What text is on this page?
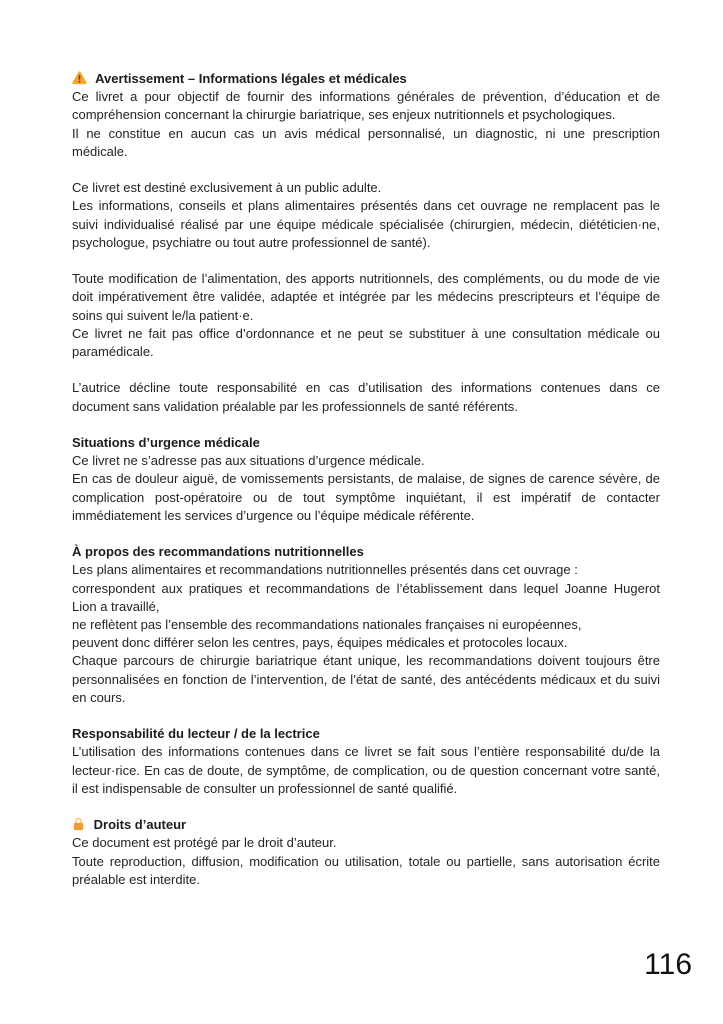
Avertissement – Informations légales et médicales

Ce livret a pour objectif de fournir des informations générales de prévention, d’éducation et de compréhension concernant la chirurgie bariatrique, ses enjeux nutritionnels et psychologiques.

Il ne constitue en aucun cas un avis médical personnalisé, un diagnostic, ni une prescription médicale.

Ce livret est destiné exclusivement à un public adulte.

Les informations, conseils et plans alimentaires présentés dans cet ouvrage ne remplacent pas le suivi individualisé réalisé par une équipe médicale spécialisée (chirurgien, médecin, diététicien·ne, psychologue, psychiatre ou tout autre professionnel de santé).

Toute modification de l’alimentation, des apports nutritionnels, des compléments, ou du mode de vie doit impérativement être validée, adaptée et intégrée par les médecins prescripteurs et l’équipe de soins qui suivent le/la patient·e.

Ce livret ne fait pas office d’ordonnance et ne peut se substituer à une consultation médicale ou paramédicale.

L’autrice décline toute responsabilité en cas d’utilisation des informations contenues dans ce document sans validation préalable par les professionnels de santé référents.

Situations d’urgence médicale

Ce livret ne s’adresse pas aux situations d’urgence médicale.

En cas de douleur aiguë, de vomissements persistants, de malaise, de signes de carence sévère, de complication post-opératoire ou de tout symptôme inquiétant, il est impératif de contacter immédiatement les services d’urgence ou l’équipe médicale référente.

À propos des recommandations nutritionnelles

Les plans alimentaires et recommandations nutritionnelles présentés dans cet ouvrage :

correspondent aux pratiques et recommandations de l’établissement dans lequel Joanne Hugerot Lion a travaillé,

ne reflètent pas l’ensemble des recommandations nationales françaises ni européennes,

peuvent donc différer selon les centres, pays, équipes médicales et protocoles locaux.

Chaque parcours de chirurgie bariatrique étant unique, les recommandations doivent toujours être personnalisées en fonction de l’intervention, de l’état de santé, des antécédents médicaux et du suivi en cours.

Responsabilité du lecteur / de la lectrice

L’utilisation des informations contenues dans ce livret se fait sous l’entière responsabilité du/de la lecteur·rice. En cas de doute, de symptôme, de complication, ou de question concernant votre santé, il est indispensable de consulter un professionnel de santé qualifié.

Droits d’auteur

Ce document est protégé par le droit d’auteur.

Toute reproduction, diffusion, modification ou utilisation, totale ou partielle, sans autorisation écrite préalable est interdite.

116
